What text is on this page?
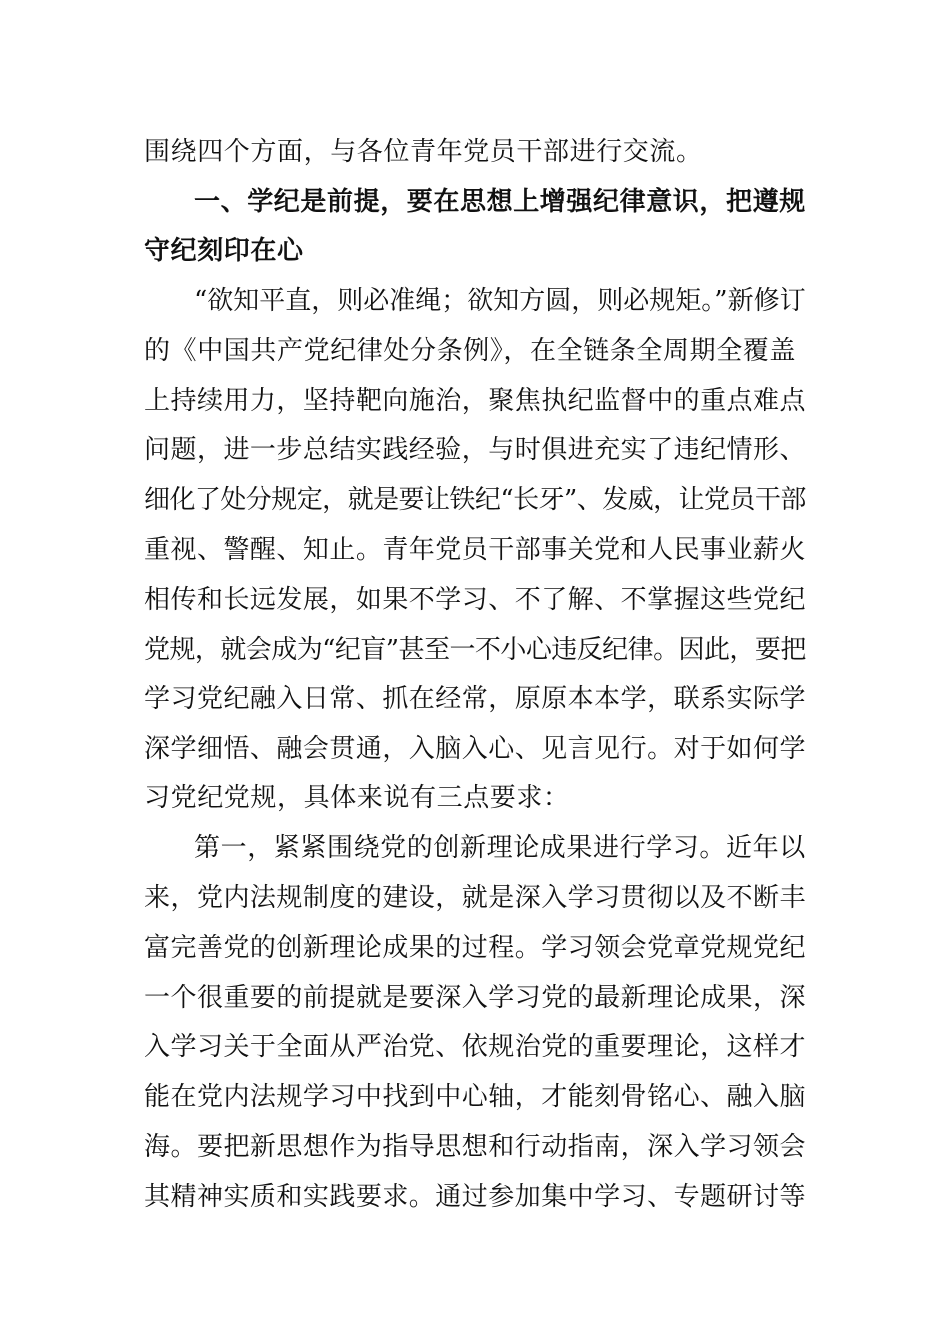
围绕四个方面，与各位青年党员干部进行交流。
一、学纪是前提，要在思想上增强纪律意识，把遵规
守纪刻印在心
“欲知平直，则必准绳；欲知方圆，则必规矩。”新修订
的《中国共产党纪律处分条例》，在全链条全周期全覆盖
上持续用力，坚持靶向施治，聚焦执纪监督中的重点难点
问题，进一步总结实践经验，与时俱进充实了违纪情形、
细化了处分规定，就是要让铁纪“长牙”、发威，让党员干部
重视、警醒、知止。青年党员干部事关党和人民事业薪火
相传和长远发展，如果不学习、不了解、不掌握这些党纪
党规，就会成为“纪盲”甚至一不小心违反纪律。因此，要把
学习党纪融入日常、抓在经常，原原本本学，联系实际学
深学细悟、融会贯通，入脑入心、见言见行。对于如何学
习党纪党规，具体来说有三点要求：
第一，紧紧围绕党的创新理论成果进行学习。近年以
来，党内法规制度的建设，就是深入学习贯彻以及不断丰
富完善党的创新理论成果的过程。学习领会党章党规党纪
一个很重要的前提就是要深入学习党的最新理论成果，深
入学习关于全面从严治党、依规治党的重要理论，这样才
能在党内法规学习中找到中心轴，才能刻骨铭心、融入脑
海。要把新思想作为指导思想和行动指南，深入学习领会
其精神实质和实践要求。通过参加集中学习、专题研讨等
